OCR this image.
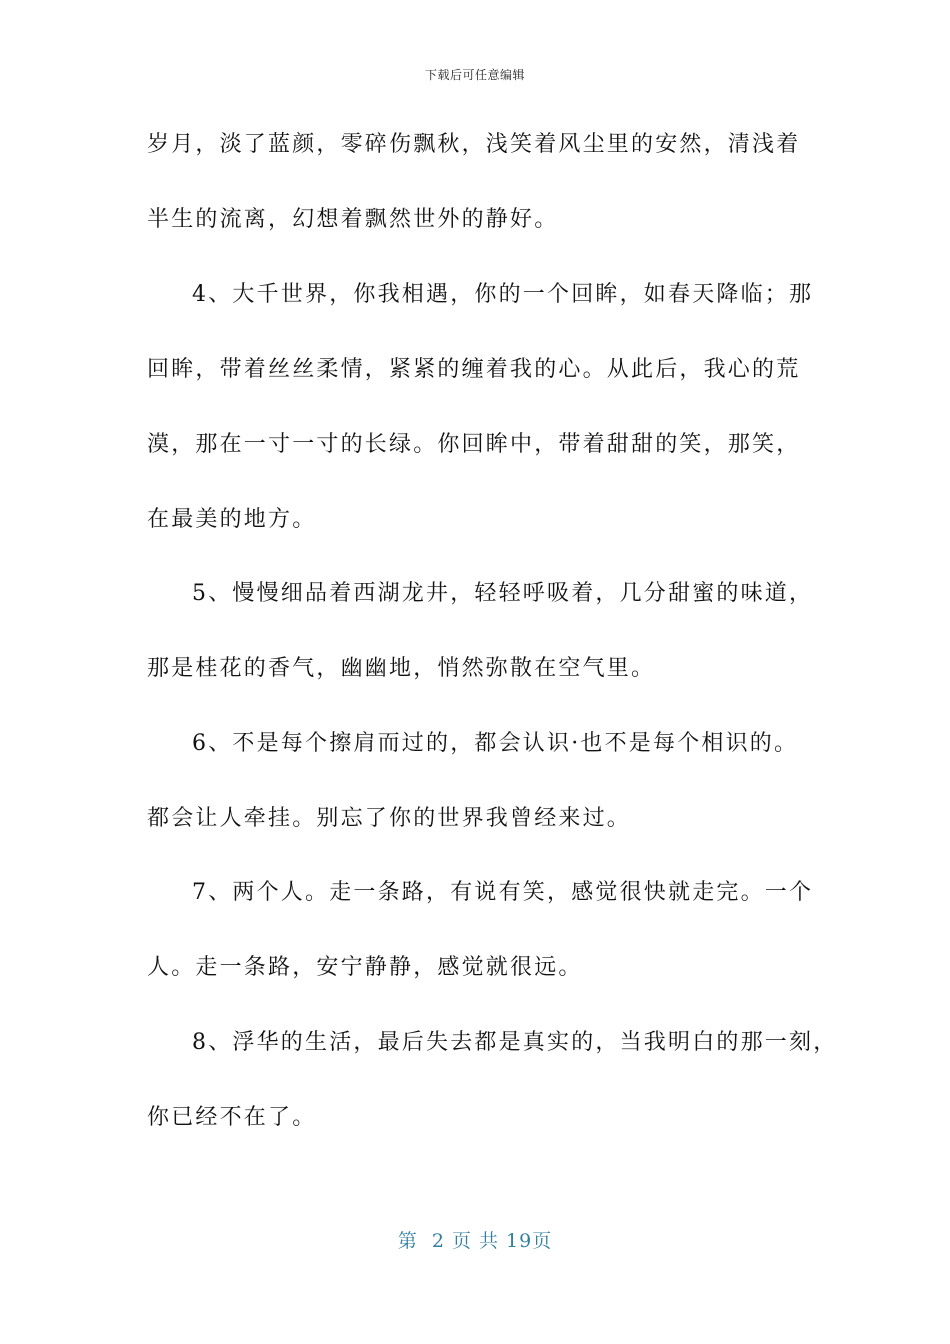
下载后可任意编辑
岁月，淡了蓝颜，零碎伤飘秋，浅笑着风尘里的安然，清浅着
半生的流离，幻想着飘然世外的静好。
4、大千世界，你我相遇，你的一个回眸，如春天降临；那
回眸，带着丝丝柔情，紧紧的缠着我的心。从此后，我心的荒
漠，那在一寸一寸的长绿。你回眸中，带着甜甜的笑，那笑，
在最美的地方。
5、慢慢细品着西湖龙井，轻轻呼吸着，几分甜蜜的味道，
那是桂花的香气，幽幽地，悄然弥散在空气里。
6、不是每个擦肩而过的，都会认识·也不是每个相识的。
都会让人牵挂。别忘了你的世界我曾经来过。
7、两个人。走一条路，有说有笑，感觉很快就走完。一个
人。走一条路，安宁静静，感觉就很远。
8、浮华的生活，最后失去都是真实的，当我明白的那一刻，
你已经不在了。
第  2 页 共 19页
